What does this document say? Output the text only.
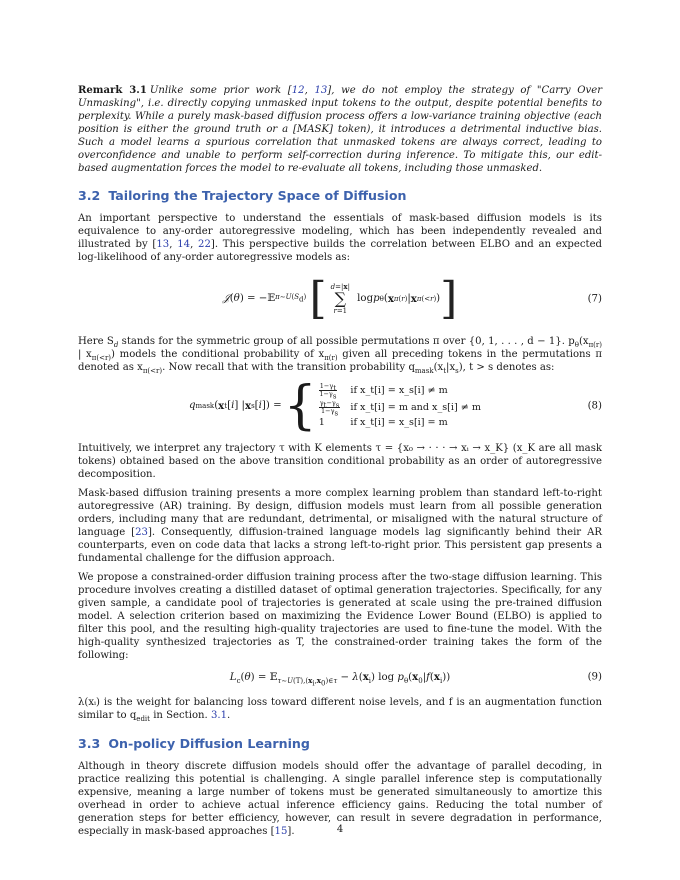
Remark 3.1 Unlike some prior work [12, 13], we do not employ the strategy of "Carry Over Unmasking", i.e. directly copying unmasked input tokens to the output, despite potential benefits to perplexity. While a purely mask-based diffusion process offers a low-variance training objective (each position is either the ground truth or a [MASK] token), it introduces a detrimental inductive bias. Such a model learns a spurious correlation that unmasked tokens are always correct, leading to overconfidence and unable to perform self-correction during inference. To mitigate this, our edit-based augmentation forces the model to re-evaluate all tokens, including those unmasked.

3.2 Tailoring the Trajectory Space of Diffusion

An important perspective to understand the essentials of mask-based diffusion models is its equivalence to any-order autoregressive modeling, which has been independently revealed and illustrated by [13, 14, 22]. This perspective builds the correlation between ELBO and an expected log-likelihood of any-order autoregressive models as:

𝒥 ( θ ) = −𝔼 $\pi\sim U(S_d)$
[ d=|x|
∑
r=1
log p θ ( x π(r) | x π(<r) ) ]	(7)

Here $S_d$ stands for the symmetric group of all possible permutations π over {0, 1, . . . , d − 1}. $p_\theta(x_{\pi(r)}$ | $x_{\pi(<r)}$) models the conditional probability of $x_{\pi(r)}$ given all preceding tokens in the permutations π denoted as $x_{\pi(<r)}$. Now recall that with the transition probability $q_{mask}(x_t|x_s)$, t > s denotes as:

q mask ( x t [ i ] | x s [ i ]) = { $\frac{1-\gamma_t}{1-\gamma_s}$	if x_t[i] = x_s[i] ≠ m

$\frac{\gamma_t-\gamma_s}{1-\gamma_s}$	if x_t[i] = m and x_s[i] ≠ m
1	if x_t[i] = x_s[i] = m
(8)

Intuitively, we interpret any trajectory τ with K elements τ = {x₀ → · · · → xᵢ → x_K} (x_K are all mask tokens) obtained based on the above transition conditional probability as an order of autoregressive decomposition.

Mask-based diffusion training presents a more complex learning problem than standard left-to-right autoregressive (AR) training. By design, diffusion models must learn from all possible generation orders, including many that are redundant, detrimental, or misaligned with the natural structure of language [23]. Consequently, diffusion-trained language models lag significantly behind their AR counterparts, even on code data that lacks a strong left-to-right prior. This persistent gap presents a fundamental challenge for the diffusion approach.

We propose a constrained-order diffusion training process after the two-stage diffusion learning. This procedure involves creating a distilled dataset of optimal generation trajectories. Specifically, for any given sample, a candidate pool of trajectories is generated at scale using the pre-trained diffusion model. A selection criterion based on maximizing the Evidence Lower Bound (ELBO) is applied to filter this pool, and the resulting high-quality trajectories are used to fine-tune the model. With the high-quality synthesized trajectories as T, the constrained-order training takes the form of the following:

$L_c(\theta)$ = 𝔼$_{\tau\sim U(T),(x_i,x_0)\in\tau}$ − $\lambda(x_i)$ $\log p_\theta(x_0|f(x_i))$	(9)

λ(xᵢ) is the weight for balancing loss toward different noise levels, and f is an augmentation function similar to $q_{edit}$ in Section. 3.1.

3.3 On-policy Diffusion Learning

Although in theory discrete diffusion models should offer the advantage of parallel decoding, in practice realizing this potential is challenging. A single parallel inference step is computationally expensive, meaning a large number of tokens must be generated simultaneously to amortize this overhead in order to achieve actual inference efficiency gains. Reducing the total number of generation steps for better efficiency, however, can result in severe degradation in performance, especially in mask-based approaches [15].	4
